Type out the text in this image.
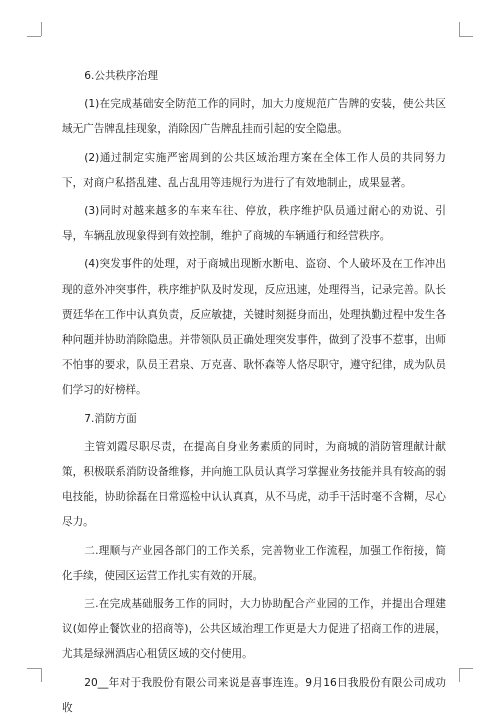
6.公共秩序治理

(1)在完成基础安全防范工作的同时，加大力度规范广告牌的安装，使公共区域无广告牌乱挂现象，消除因广告牌乱挂而引起的安全隐患。

(2)通过制定实施严密周到的公共区域治理方案在全体工作人员的共同努力下，对商户私搭乱建、乱占乱用等违规行为进行了有效地制止，成果显著。

(3)同时对越来越多的车来车往、停放，秩序维护队员通过耐心的劝说、引导，车辆乱放现象得到有效控制，维护了商城的车辆通行和经营秩序。

(4)突发事件的处理，对于商城出现断水断电、盗窃、个人破坏及在工作冲出现的意外冲突事件，秩序维护队及时发现，反应迅速，处理得当，记录完善。队长贾廷华在工作中认真负责，反应敏捷，关键时刻挺身而出，处理执勤过程中发生各种问题并协助消除隐患。并带领队员正确处理突发事件，做到了没事不惹事，出师不怕事的要求，队员王君泉、万克喜、耿怀森等人恪尽职守，遵守纪律，成为队员们学习的好榜样。

7.消防方面

主管刘霞尽职尽责，在提高自身业务素质的同时，为商城的消防管理献计献策，积极联系消防设备维修，并向施工队员认真学习掌握业务技能并具有较高的弱电技能，协助徐磊在日常巡检中认认真真，从不马虎，动手干活时毫不含糊，尽心尽力。

二.理顺与产业园各部门的工作关系，完善物业工作流程，加强工作衔接，简化手续，使园区运营工作扎实有效的开展。

三.在完成基础服务工作的同时，大力协助配合产业园的工作，并提出合理建议(如停止餐饮业的招商等)，公共区域治理工作更是大力促进了招商工作的进展，尤其是绿洲酒店心租赁区域的交付使用。

20__年对于我股份有限公司来说是喜事连连。9月16日我股份有限公司成功收
